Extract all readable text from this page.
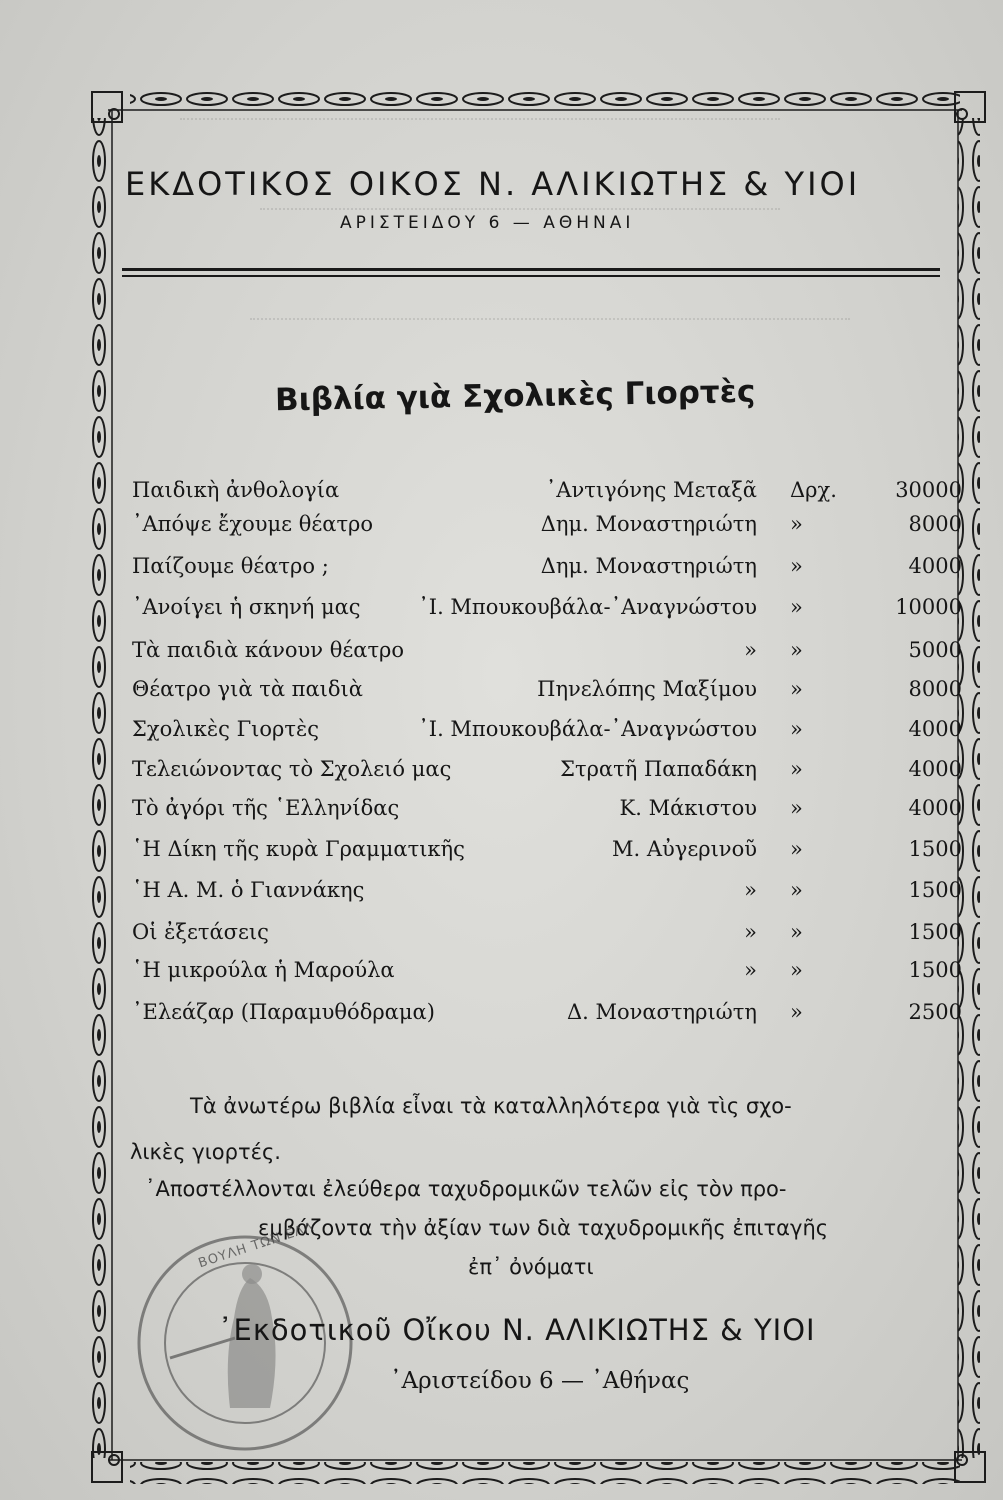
ΕΚΔΟΤΙΚΟΣ ΟΙΚΟΣ Ν. ΑΛΙΚΙΩΤΗΣ & ΥΙΟΙ
ΑΡΙΣΤΕΙΔΟΥ 6 — ΑΘΗΝΑΙ
Βιβλία γιὰ Σχολικὲς Γιορτὲς
Παιδικὴ ἀνθολογία	᾿Αντιγόνης Μεταξᾶ Δρχ.	30000
᾿Απόψε ἔχουμε θέατρο	Δημ. Μοναστηριώτη »	8000
Παίζουμε θέατρο ;	Δημ. Μοναστηριώτη »	4000
᾿Ανοίγει ἡ σκηνή μας	᾿Ι. Μπουκουβάλα-᾿Αναγνώστου »	10000
Τὰ παιδιὰ κάνουν θέατρο	» »	5000
Θέατρο γιὰ τὰ παιδιὰ	Πηνελόπης Μαξίμου »	8000
Σχολικὲς Γιορτὲς	᾿Ι. Μπουκουβάλα-᾿Αναγνώστου »	4000
Τελειώνοντας τὸ Σχολειό μας	Στρατῆ Παπαδάκη »	4000
Τὸ ἀγόρι τῆς ῾Ελληνίδας	Κ. Μάκιστου »	4000
῾Η Δίκη τῆς κυρὰ Γραμματικῆς	Μ. Αὐγερινοῦ »	1500
῾Η Α. Μ. ὁ Γιαννάκης	» »	1500
Οἱ ἐξετάσεις	» »	1500
῾Η μικρούλα ἡ Μαρούλα	» »	1500
᾿Ελεάζαρ (Παραμυθόδραμα)	Δ. Μοναστηριώτη »	2500
Τὰ ἀνωτέρω βιβλία εἶναι τὰ καταλληλότερα γιὰ τὶς σχο-
λικὲς γιορτές.
᾿Αποστέλλονται ἐλεύθερα ταχυδρομικῶν τελῶν εἰς τὸν προ-
εμβάζοντα τὴν ἀξίαν των διὰ ταχυδρομικῆς ἐπιταγῆς
ἐπ᾿ ὀνόματι
ΒΟΥΛΗ ΤΩΝ ΕΛΛ
᾿Εκδοτικοῦ Οἴκου Ν. ΑΛΙΚΙΩΤΗΣ & ΥΙΟΙ
᾿Αριστείδου 6 — ᾿Αθήνας
